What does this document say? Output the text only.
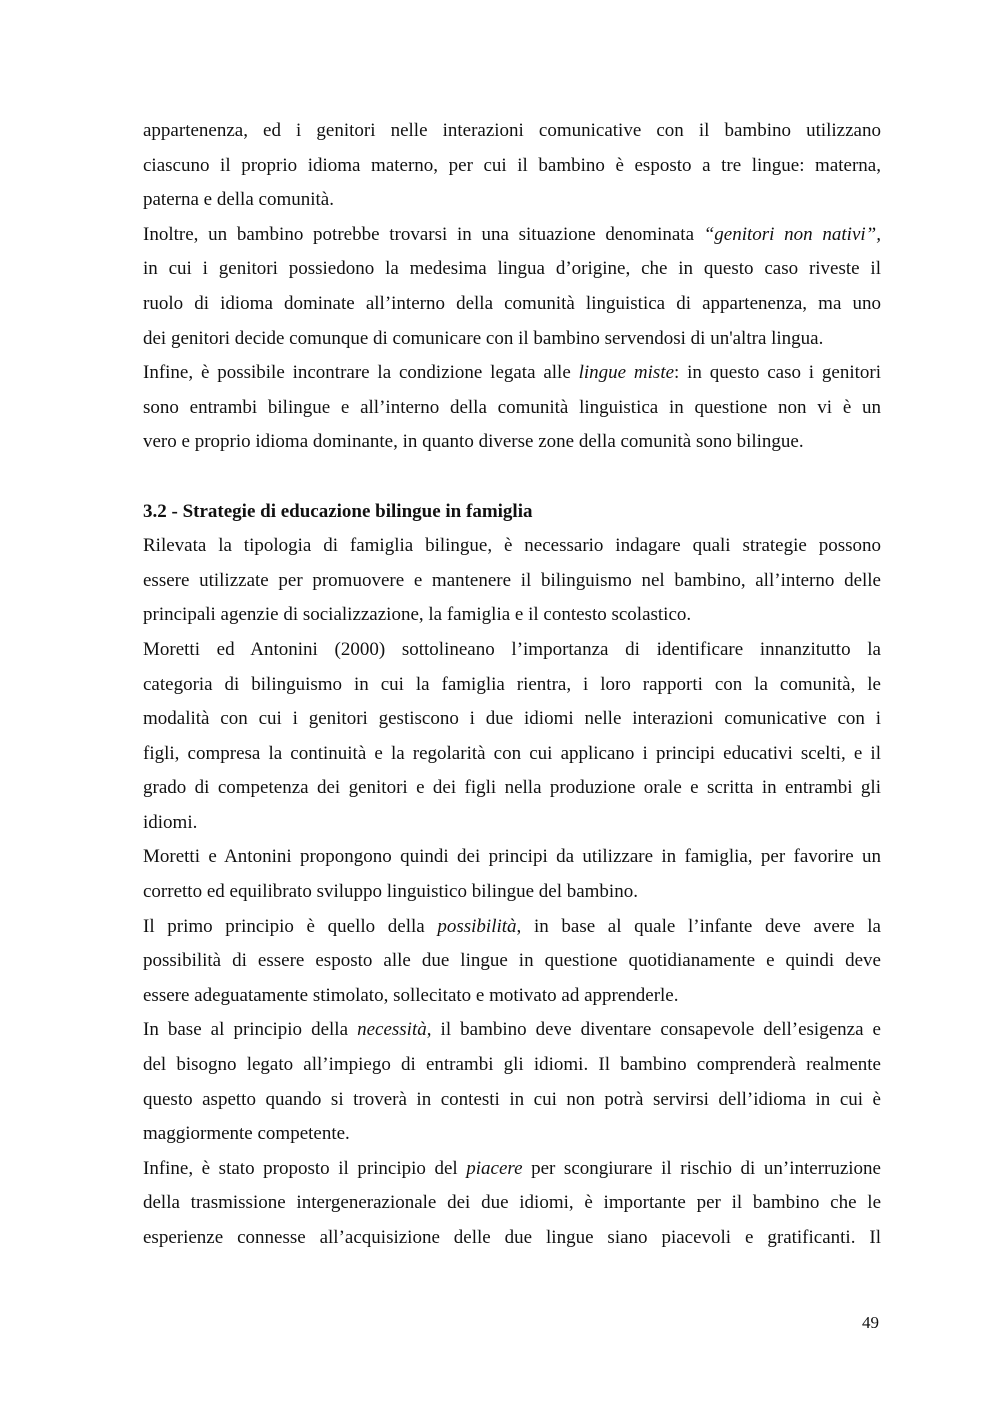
appartenenza, ed i genitori nelle interazioni comunicative con il bambino utilizzano
ciascuno il proprio idioma materno, per cui il bambino è esposto a tre lingue: materna,
paterna e della comunità.
Inoltre, un bambino potrebbe trovarsi in una situazione denominata “genitori non nativi”,
in cui i genitori possiedono la medesima lingua d’origine, che in questo caso riveste il
ruolo di idioma dominate all’interno della comunità linguistica di appartenenza, ma uno
dei genitori decide comunque di comunicare con il bambino servendosi di un'altra lingua.
Infine, è possibile incontrare la condizione legata alle lingue miste: in questo caso i genitori
sono entrambi bilingue e all’interno della comunità linguistica in questione non vi è un
vero e proprio idioma dominante, in quanto diverse zone della comunità sono bilingue.
3.2 - Strategie di educazione bilingue in famiglia
Rilevata la tipologia di famiglia bilingue, è necessario indagare quali strategie possono
essere utilizzate per promuovere e mantenere il bilinguismo nel bambino, all’interno delle
principali agenzie di socializzazione, la famiglia e il contesto scolastico.
Moretti ed Antonini (2000) sottolineano l’importanza di identificare innanzitutto la
categoria di bilinguismo in cui la famiglia rientra, i loro rapporti con la comunità, le
modalità con cui i genitori gestiscono i due idiomi nelle interazioni comunicative con i
figli, compresa la continuità e la regolarità con cui applicano i principi educativi scelti, e il
grado di competenza dei genitori e dei figli nella produzione orale e scritta in entrambi gli
idiomi.
Moretti e Antonini propongono quindi dei principi da utilizzare in famiglia, per favorire un
corretto ed equilibrato sviluppo linguistico bilingue del bambino.
Il primo principio è quello della possibilità, in base al quale l’infante deve avere la
possibilità di essere esposto alle due lingue in questione quotidianamente e quindi deve
essere adeguatamente stimolato, sollecitato e motivato ad apprenderle.
In base al principio della necessità, il bambino deve diventare consapevole dell’esigenza e
del bisogno legato all’impiego di entrambi gli idiomi. Il bambino comprenderà realmente
questo aspetto quando si troverà in contesti in cui non potrà servirsi dell’idioma in cui è
maggiormente competente.
Infine, è stato proposto il principio del piacere per scongiurare il rischio di un’interruzione
della trasmissione intergenerazionale dei due idiomi, è importante per il bambino che le
esperienze connesse all’acquisizione delle due lingue siano piacevoli e gratificanti. Il
49
